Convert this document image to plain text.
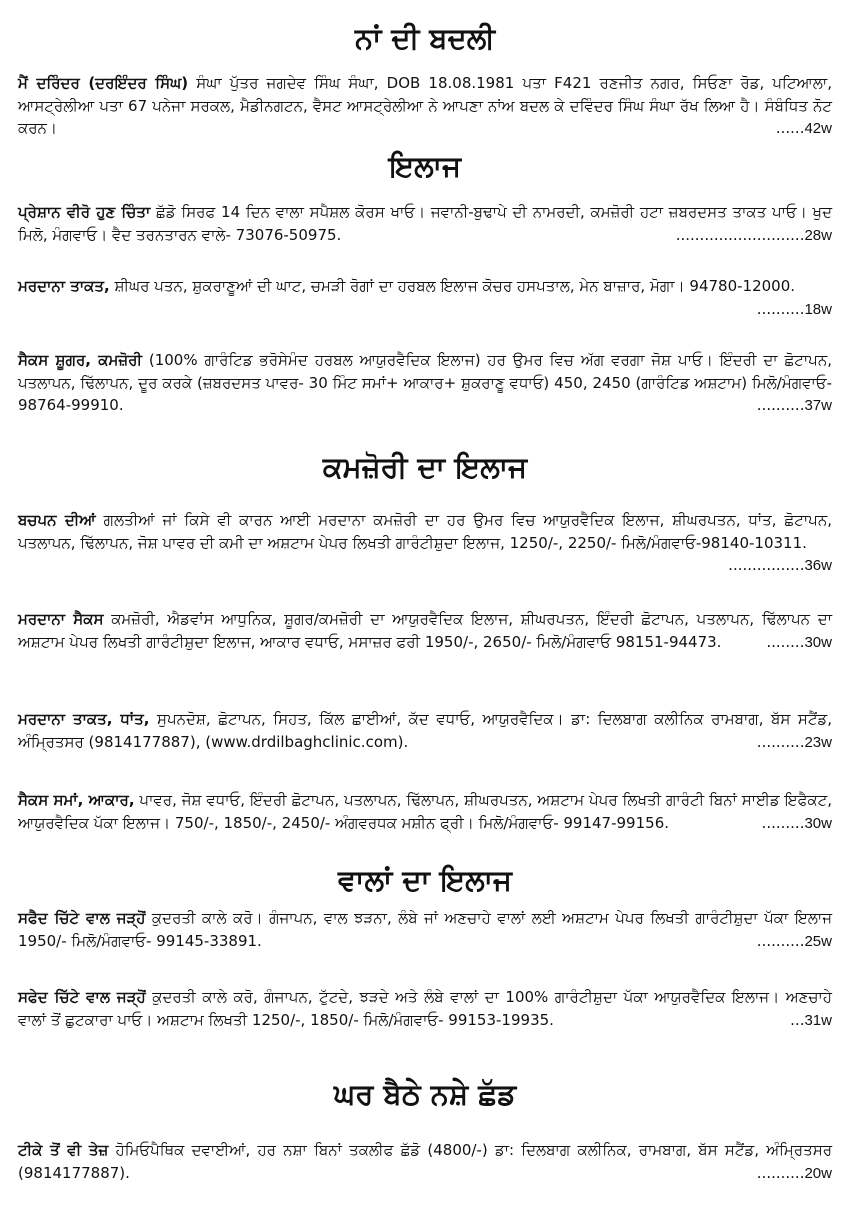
ਨਾਂ ਦੀ ਬਦਲੀ
ਮੈਂ ਦਰਿੰਦਰ (ਦਰਇੰਦਰ ਸਿੰਘ) ਸੰਘਾ ਪੁੱਤਰ ਜਗਦੇਵ ਸਿੰਘ ਸੰਘਾ, DOB 18.08.1981 ਪਤਾ F421 ਰਣਜੀਤ ਨਗਰ, ਸਿਓਣਾ ਰੋਡ, ਪਟਿਆਲਾ, ਆਸਟ੍ਰੇਲੀਆ ਪਤਾ 67 ਪਨੇਜਾ ਸਰਕਲ, ਮੈਡੀਨਗਟਨ, ਵੈਸਟ ਆਸਟ੍ਰੇਲੀਆ ਨੇ ਆਪਣਾ ਨਾਂਅ ਬਦਲ ਕੇ ਦਵਿੰਦਰ ਸਿੰਘ ਸੰਘਾ ਰੱਖ ਲਿਆ ਹੈ। ਸੰਬੰਧਿਤ ਨੋਟ ਕਰਨ।	......42w
ਇਲਾਜ
ਪ੍ਰੇਸ਼ਾਨ ਵੀਰੋ ਹੁਣ ਚਿੰਤਾ ਛੱਡੋ ਸਿਰਫ 14 ਦਿਨ ਵਾਲਾ ਸਪੈਸ਼ਲ ਕੋਰਸ ਖਾਓ। ਜਵਾਨੀ-ਬੁਢਾਪੇ ਦੀ ਨਾਮਰਦੀ, ਕਮਜ਼ੋਰੀ ਹਟਾ ਜ਼ਬਰਦਸਤ ਤਾਕਤ ਪਾਓ। ਖੁਦ ਮਿਲੋ, ਮੰਗਵਾਓ। ਵੈਦ ਤਰਨਤਾਰਨ ਵਾਲੇ- 73076-50975.	...........................28w
ਮਰਦਾਨਾ ਤਾਕਤ, ਸ਼ੀਘਰ ਪਤਨ, ਸ਼ੁਕਰਾਣੂਆਂ ਦੀ ਘਾਟ, ਚਮੜੀ ਰੋਗਾਂ ਦਾ ਹਰਬਲ ਇਲਾਜ ਕੋਚਰ ਹਸਪਤਾਲ, ਮੇਨ ਬਾਜ਼ਾਰ, ਮੋਗਾ। 94780-12000.
..........18w
ਸੈਕਸ ਸ਼ੂਗਰ, ਕਮਜ਼ੋਰੀ (100% ਗਾਰੰਟਿਡ ਭਰੋਸੇਮੰਦ ਹਰਬਲ ਆਯੁਰਵੈਦਿਕ ਇਲਾਜ) ਹਰ ਉਮਰ ਵਿਚ ਅੱਗ ਵਰਗਾ ਜੋਸ਼ ਪਾਓ। ਇੰਦਰੀ ਦਾ ਛੋਟਾਪਨ, ਪਤਲਾਪਨ, ਢਿੱਲਾਪਨ, ਦੂਰ ਕਰਕੇ (ਜ਼ਬਰਦਸਤ ਪਾਵਰ- 30 ਮਿੰਟ ਸਮਾਂ+ ਆਕਾਰ+ ਸ਼ੁਕਰਾਣੂ ਵਧਾਓ) 450, 2450 (ਗਾਰੰਟਿਡ ਅਸ਼ਟਾਮ) ਮਿਲੋ/ਮੰਗਵਾਓ- 98764-99910.	..........37w
ਕਮਜ਼ੋਰੀ ਦਾ ਇਲਾਜ
ਬਚਪਨ ਦੀਆਂ ਗਲਤੀਆਂ ਜਾਂ ਕਿਸੇ ਵੀ ਕਾਰਨ ਆਈ ਮਰਦਾਨਾ ਕਮਜ਼ੋਰੀ ਦਾ ਹਰ ਉਮਰ ਵਿਚ ਆਯੁਰਵੈਦਿਕ ਇਲਾਜ, ਸ਼ੀਘਰਪਤਨ, ਧਾਂਤ, ਛੋਟਾਪਨ, ਪਤਲਾਪਨ, ਢਿੱਲਾਪਨ, ਜੋਸ਼ ਪਾਵਰ ਦੀ ਕਮੀ ਦਾ ਅਸ਼ਟਾਮ ਪੇਪਰ ਲਿਖਤੀ ਗਾਰੰਟੀਸ਼ੁਦਾ ਇਲਾਜ, 1250/-, 2250/- ਮਿਲੋ/ਮੰਗਵਾਓ-98140-10311.
................36w
ਮਰਦਾਨਾ ਸੈਕਸ ਕਮਜ਼ੋਰੀ, ਐਡਵਾਂਸ ਆਧੁਨਿਕ, ਸ਼ੂਗਰ/ਕਮਜ਼ੋਰੀ ਦਾ ਆਯੁਰਵੈਦਿਕ ਇਲਾਜ, ਸ਼ੀਘਰਪਤਨ, ਇੰਦਰੀ ਛੋਟਾਪਨ, ਪਤਲਾਪਨ, ਢਿੱਲਾਪਨ ਦਾ ਅਸ਼ਟਾਮ ਪੇਪਰ ਲਿਖਤੀ ਗਾਰੰਟੀਸ਼ੁਦਾ ਇਲਾਜ, ਆਕਾਰ ਵਧਾਓ, ਮਸਾਜ਼ਰ ਫਰੀ 1950/-, 2650/- ਮਿਲੋ/ਮੰਗਵਾਓ 98151-94473.	........30w
ਮਰਦਾਨਾ ਤਾਕਤ, ਧਾਂਤ, ਸੁਪਨਦੋਸ਼, ਛੋਟਾਪਨ, ਸਿਹਤ, ਕਿੱਲ ਛਾਈਆਂ, ਕੱਦ ਵਧਾਓ, ਆਯੁਰਵੈਦਿਕ। ਡਾ: ਦਿਲਬਾਗ ਕਲੀਨਿਕ ਰਾਮਬਾਗ, ਬੱਸ ਸਟੈਂਡ, ਅੰਮ੍ਰਿਤਸਰ (9814177887), (www.drdilbaghclinic.com).	..........23w
ਸੈਕਸ ਸਮਾਂ, ਆਕਾਰ, ਪਾਵਰ, ਜੋਸ਼ ਵਧਾਓ, ਇੰਦਰੀ ਛੋਟਾਪਨ, ਪਤਲਾਪਨ, ਢਿੱਲਾਪਨ, ਸ਼ੀਘਰਪਤਨ, ਅਸ਼ਟਾਮ ਪੇਪਰ ਲਿਖਤੀ ਗਾਰੰਟੀ ਬਿਨਾਂ ਸਾਈਡ ਇਫੈਕਟ, ਆਯੁਰਵੈਦਿਕ ਪੱਕਾ ਇਲਾਜ। 750/-, 1850/-, 2450/- ਅੰਗਵਰਧਕ ਮਸ਼ੀਨ ਫ੍ਰੀ। ਮਿਲੋ/ਮੰਗਵਾਓ- 99147-99156.	.........30w
ਵਾਲਾਂ ਦਾ ਇਲਾਜ
ਸਫੈਦ ਚਿੱਟੇ ਵਾਲ ਜੜ੍ਹੋਂ ਕੁਦਰਤੀ ਕਾਲੇ ਕਰੋ। ਗੰਜਾਪਨ, ਵਾਲ ਝੜਨਾ, ਲੰਬੇ ਜਾਂ ਅਣਚਾਹੇ ਵਾਲਾਂ ਲਈ ਅਸ਼ਟਾਮ ਪੇਪਰ ਲਿਖਤੀ ਗਾਰੰਟੀਸ਼ੁਦਾ ਪੱਕਾ ਇਲਾਜ 1950/- ਮਿਲੋ/ਮੰਗਵਾਓ- 99145-33891.	..........25w
ਸਫੇਦ ਚਿੱਟੇ ਵਾਲ ਜੜ੍ਹੋਂ ਕੁਦਰਤੀ ਕਾਲੇ ਕਰੋ, ਗੰਜਾਪਨ, ਟੁੱਟਦੇ, ਝੜਦੇ ਅਤੇ ਲੰਬੇ ਵਾਲਾਂ ਦਾ 100% ਗਾਰੰਟੀਸ਼ੁਦਾ ਪੱਕਾ ਆਯੁਰਵੈਦਿਕ ਇਲਾਜ। ਅਣਚਾਹੇ ਵਾਲਾਂ ਤੋਂ ਛੁਟਕਾਰਾ ਪਾਓ। ਅਸ਼ਟਾਮ ਲਿਖਤੀ 1250/-, 1850/- ਮਿਲੋ/ਮੰਗਵਾਓ- 99153-19935.	...31w
ਘਰ ਬੈਠੇ ਨਸ਼ੇ ਛੱਡ
ਟੀਕੇ ਤੋਂ ਵੀ ਤੇਜ਼ ਹੋਮਿਓਪੈਥਿਕ ਦਵਾਈਆਂ, ਹਰ ਨਸ਼ਾ ਬਿਨਾਂ ਤਕਲੀਫ ਛੱਡੋ (4800/-) ਡਾ: ਦਿਲਬਾਗ ਕਲੀਨਿਕ, ਰਾਮਬਾਗ, ਬੱਸ ਸਟੈਂਡ, ਅੰਮ੍ਰਿਤਸਰ (9814177887).	..........20w
